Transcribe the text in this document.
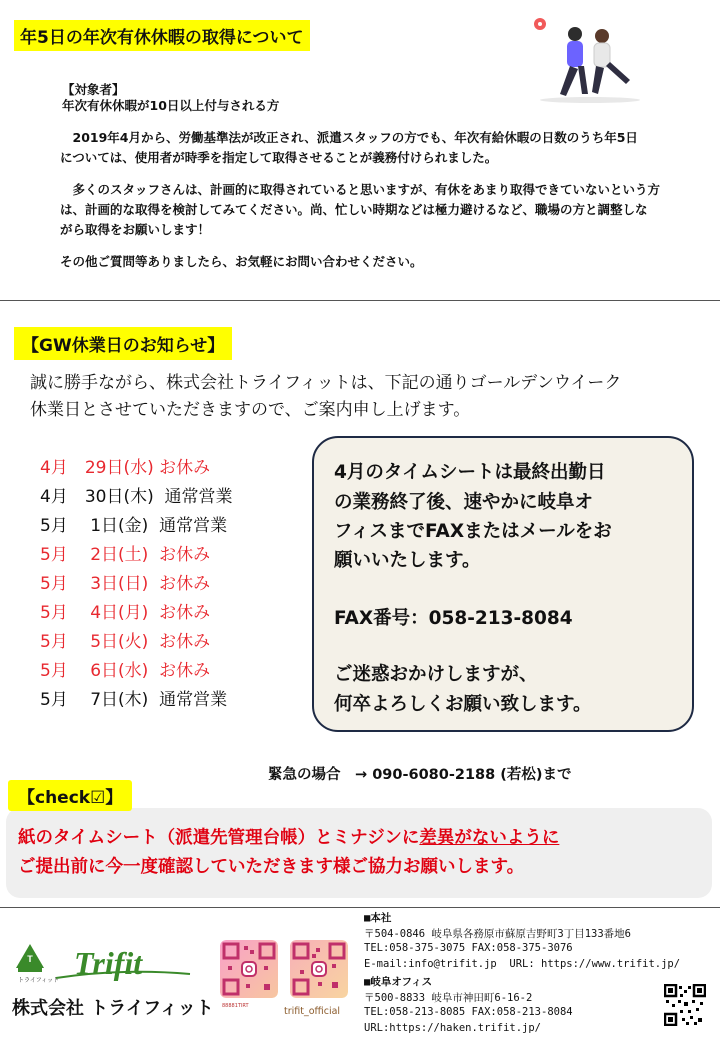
年5日の年次有休休暇の取得について
【対象者】
年次有休休暇が10日以上付与される方
　2019年4月から、労働基準法が改正され、派遣スタッフの方でも、年次有給休暇の日数のうち年5日
については、使用者が時季を指定して取得させることが義務付けられました。
　多くのスタッフさんは、計画的に取得されていると思いますが、有休をあまり取得できていないという方
は、計画的な取得を検討してみてください。尚、忙しい時期などは極力避けるなど、職場の方と調整しな
がら取得をお願いします！
その他ご質問等ありましたら、お気軽にお問い合わせください。
【GW休業日のお知らせ】
誠に勝手ながら、株式会社トライフィットは、下記の通りゴールデンウイーク
休業日とさせていただきますので、ご案内申し上げます。
4月　29日(水) お休み
4月　30日(木)  通常営業
5月　 1日(金)  通常営業
5月　 2日(土)  お休み
5月　 3日(日)  お休み
5月　 4日(月)  お休み
5月　 5日(火)  お休み
5月　 6日(水)  お休み
5月　 7日(木)  通常営業
4月のタイムシートは最終出勤日
の業務終了後、速やかに岐阜オ
フィスまでFAXまたはメールをお
願いいたします。
FAX番号：058-213-8084
ご迷惑おかけしますが、
何卒よろしくお願い致します。
緊急の場合　→ 090-6080-2188 (若松)まで
【check☑】
紙のタイムシート（派遣先管理台帳）とミナジンに差異がないように
ご提出前に今一度確認していただきます様ご協力お願いします。
T
トライフィット Trifit
株式会社 トライフィット 88881TIRT	trifit_official
■本社
〒504-0846 岐阜県各務原市蘇原吉野町3丁目133番地6
TEL:058-375-3075 FAX:058-375-3076
E-mail:info@trifit.jp  URL: https://www.trifit.jp/
■岐阜オフィス
〒500-8833 岐阜市神田町6-16-2
TEL:058-213-8085 FAX:058-213-8084
URL:https://haken.trifit.jp/
